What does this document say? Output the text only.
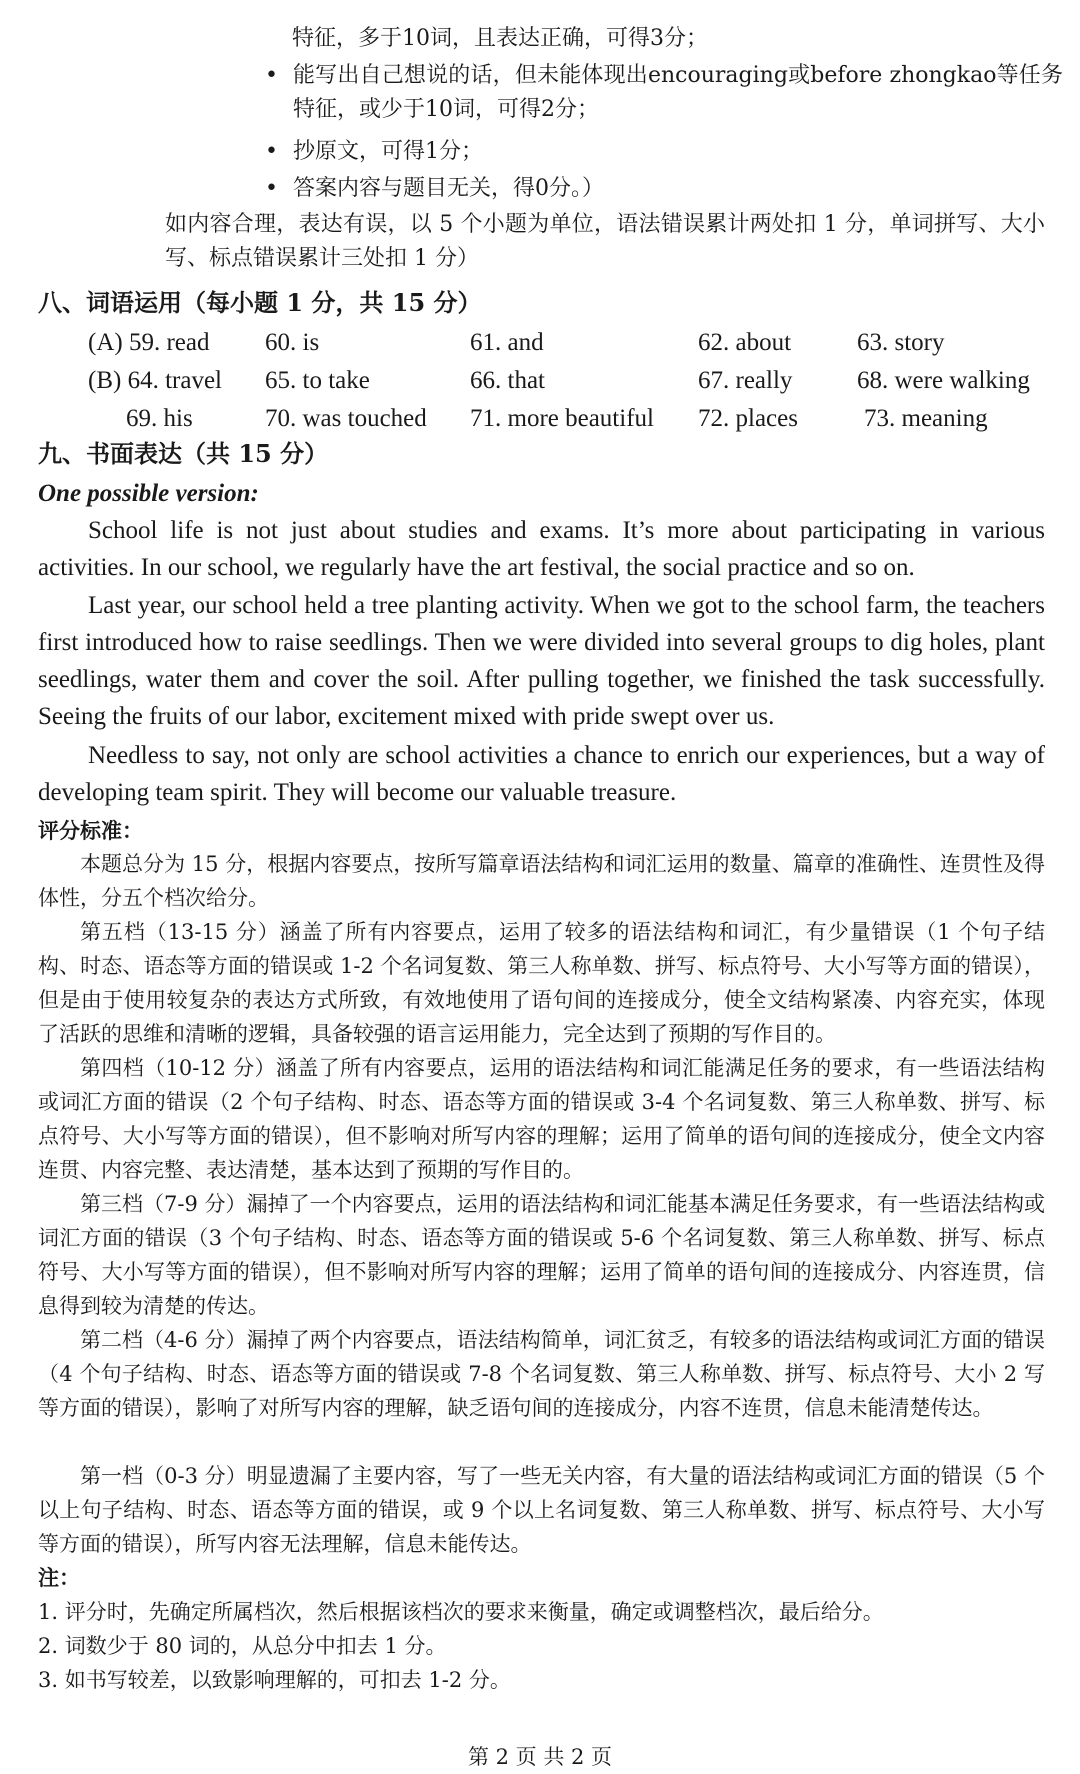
特征，多于10词，且表达正确，可得3分；

• 能写出自己想说的话，但未能体现出encouraging或before zhongkao等任务特征，或少于10词，可得2分；
• 抄原文，可得1分；
• 答案内容与题目无关，得0分。）

如内容合理，表达有误，以 5 个小题为单位，语法错误累计两处扣 1 分，单词拼写、大小写、标点错误累计三处扣 1 分）

八、词语运用（每小题 1 分，共 15 分）

(A) 59. read 60. is	61. and	62. about	63. story
(B) 64. travel 65. to take	66. that	67. really	68. were walking
69. his	70. was touched 71. more beautiful 72. places	73. meaning

九、书面表达（共 15 分）

One possible version:

School life is not just about studies and exams. It’s more about participating in various activities. In our school, we regularly have the art festival, the social practice and so on.

Last year, our school held a tree planting activity. When we got to the school farm, the teachers first introduced how to raise seedlings. Then we were divided into several groups to dig holes, plant seedlings, water them and cover the soil. After pulling together, we finished the task successfully. Seeing the fruits of our labor, excitement mixed with pride swept over us.

Needless to say, not only are school activities a chance to enrich our experiences, but a way of developing team spirit. They will become our valuable treasure.

评分标准：

本题总分为 15 分，根据内容要点，按所写篇章语法结构和词汇运用的数量、篇章的准确性、连贯性及得体性，分五个档次给分。

第五档（13-15 分）涵盖了所有内容要点，运用了较多的语法结构和词汇，有少量错误（1 个句子结构、时态、语态等方面的错误或 1-2 个名词复数、第三人称单数、拼写、标点符号、大小写等方面的错误），但是由于使用较复杂的表达方式所致，有效地使用了语句间的连接成分，使全文结构紧凑、内容充实，体现了活跃的思维和清晰的逻辑，具备较强的语言运用能力，完全达到了预期的写作目的。

第四档（10-12 分）涵盖了所有内容要点，运用的语法结构和词汇能满足任务的要求，有一些语法结构或词汇方面的错误（2 个句子结构、时态、语态等方面的错误或 3-4 个名词复数、第三人称单数、拼写、标点符号、大小写等方面的错误），但不影响对所写内容的理解；运用了简单的语句间的连接成分，使全文内容连贯、内容完整、表达清楚，基本达到了预期的写作目的。

第三档（7-9 分）漏掉了一个内容要点，运用的语法结构和词汇能基本满足任务要求，有一些语法结构或词汇方面的错误（3 个句子结构、时态、语态等方面的错误或 5-6 个名词复数、第三人称单数、拼写、标点符号、大小写等方面的错误），但不影响对所写内容的理解；运用了简单的语句间的连接成分、内容连贯，信息得到较为清楚的传达。

第二档（4-6 分）漏掉了两个内容要点，语法结构简单，词汇贫乏，有较多的语法结构或词汇方面的错误（4 个句子结构、时态、语态等方面的错误或 7-8 个名词复数、第三人称单数、拼写、标点符号、大小 2 写等方面的错误），影响了对所写内容的理解，缺乏语句间的连接成分，内容不连贯，信息未能清楚传达。

第一档（0-3 分）明显遗漏了主要内容，写了一些无关内容，有大量的语法结构或词汇方面的错误（5 个以上句子结构、时态、语态等方面的错误，或 9 个以上名词复数、第三人称单数、拼写、标点符号、大小写等方面的错误），所写内容无法理解，信息未能传达。

注：

1. 评分时，先确定所属档次，然后根据该档次的要求来衡量，确定或调整档次，最后给分。

2. 词数少于 80 词的，从总分中扣去 1 分。

3. 如书写较差，以致影响理解的，可扣去 1-2 分。

第 2 页 共 2 页
